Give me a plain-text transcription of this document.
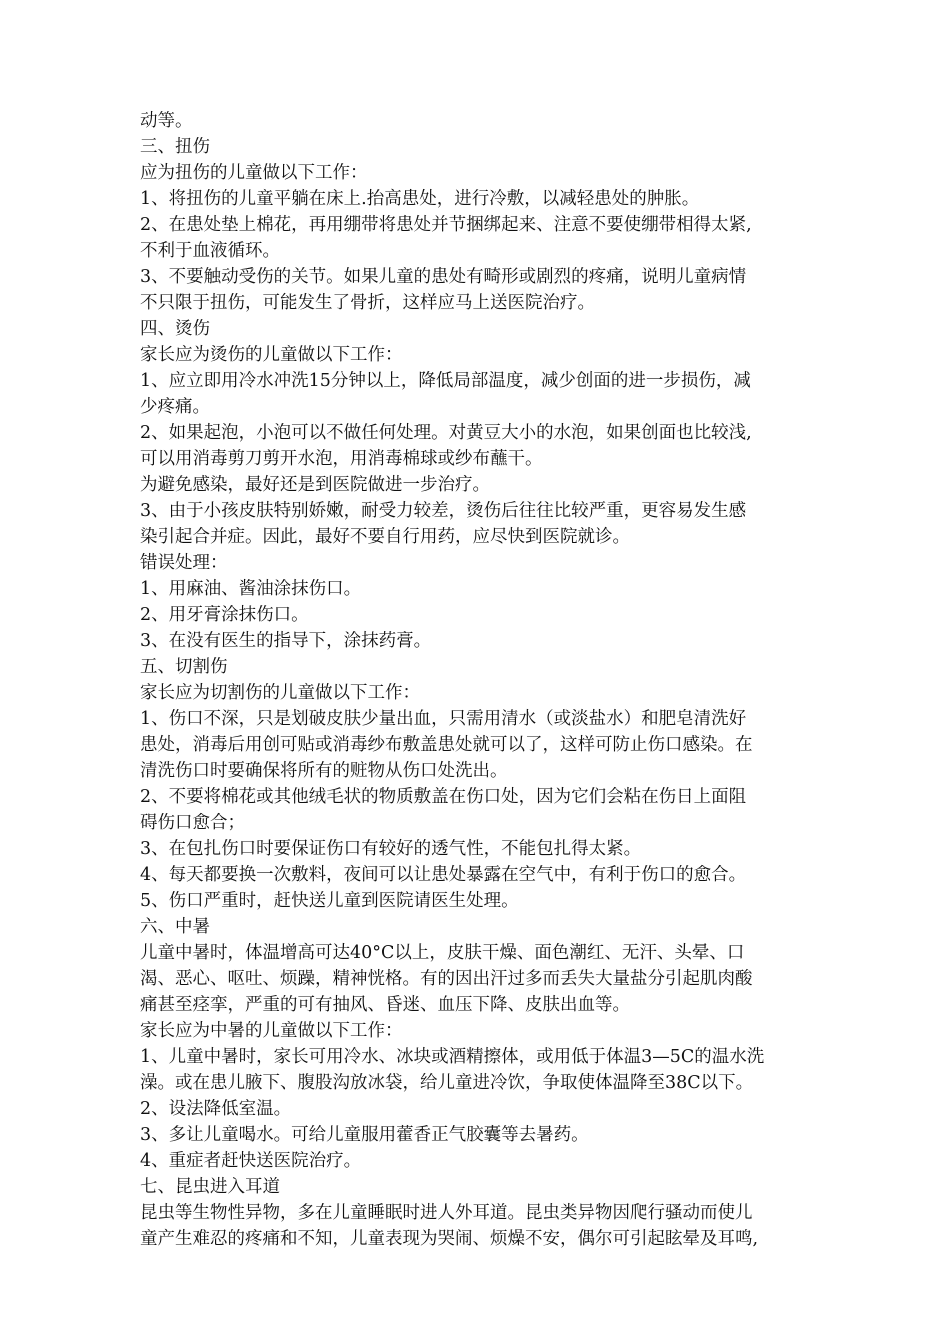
动等。
三、扭伤
应为扭伤的儿童做以下工作：
1、将扭伤的儿童平躺在床上.抬高患处，进行冷敷，以减轻患处的肿胀。
2、在患处垫上棉花，再用绷带将患处并节捆绑起来、注意不要使绷带相得太紧,
不利于血液循环。
3、不要触动受伤的关节。如果儿童的患处有畸形或剧烈的疼痛，说明儿童病情
不只限于扭伤，可能发生了骨折，这样应马上送医院治疗。
四、烫伤
家长应为烫伤的儿童做以下工作：
1、应立即用冷水冲洗15分钟以上，降低局部温度，减少创面的进一步损伤，减
少疼痛。
2、如果起泡，小泡可以不做任何处理。对黄豆大小的水泡，如果创面也比较浅,
可以用消毒剪刀剪开水泡，用消毒棉球或纱布蘸干。
为避免感染，最好还是到医院做进一步治疗。
3、由于小孩皮肤特别娇嫩，耐受力较差，烫伤后往往比较严重，更容易发生感
染引起合并症。因此，最好不要自行用药，应尽快到医院就诊。
错误处理：
1、用麻油、酱油涂抹伤口。
2、用牙膏涂抹伤口。
3、在没有医生的指导下，涂抹药膏。
五、切割伤
家长应为切割伤的儿童做以下工作：
1、伤口不深，只是划破皮肤少量出血，只需用清水（或淡盐水）和肥皂清洗好
患处，消毒后用创可贴或消毒纱布敷盖患处就可以了，这样可防止伤口感染。在
清洗伤口时要确保将所有的赃物从伤口处洗出。
2、不要将棉花或其他绒毛状的物质敷盖在伤口处，因为它们会粘在伤日上面阻
碍伤口愈合；
3、在包扎伤口时要保证伤口有较好的透气性，不能包扎得太紧。
4、每天都要换一次敷料，夜间可以让患处暴露在空气中，有利于伤口的愈合。
5、伤口严重时，赶快送儿童到医院请医生处理。
六、中暑
儿童中暑时，体温增高可达40°C以上，皮肤干燥、面色潮红、无汗、头晕、口
渴、恶心、呕吐、烦躁，精神恍格。有的因出汗过多而丢失大量盐分引起肌肉酸
痛甚至痉挛，严重的可有抽风、昏迷、血压下降、皮肤出血等。
家长应为中暑的儿童做以下工作：
1、儿童中暑时，家长可用冷水、冰块或酒精擦体，或用低于体温3—5C的温水洗
澡。或在患儿腋下、腹股沟放冰袋，给儿童进冷饮，争取使体温降至38C以下。
2、设法降低室温。
3、多让儿童喝水。可给儿童服用藿香正气胶囊等去暑药。
4、重症者赶快送医院治疗。
七、昆虫进入耳道
昆虫等生物性异物，多在儿童睡眠时进人外耳道。昆虫类异物因爬行骚动而使儿
童产生难忍的疼痛和不知，儿童表现为哭闹、烦燥不安，偶尔可引起眩晕及耳鸣,
